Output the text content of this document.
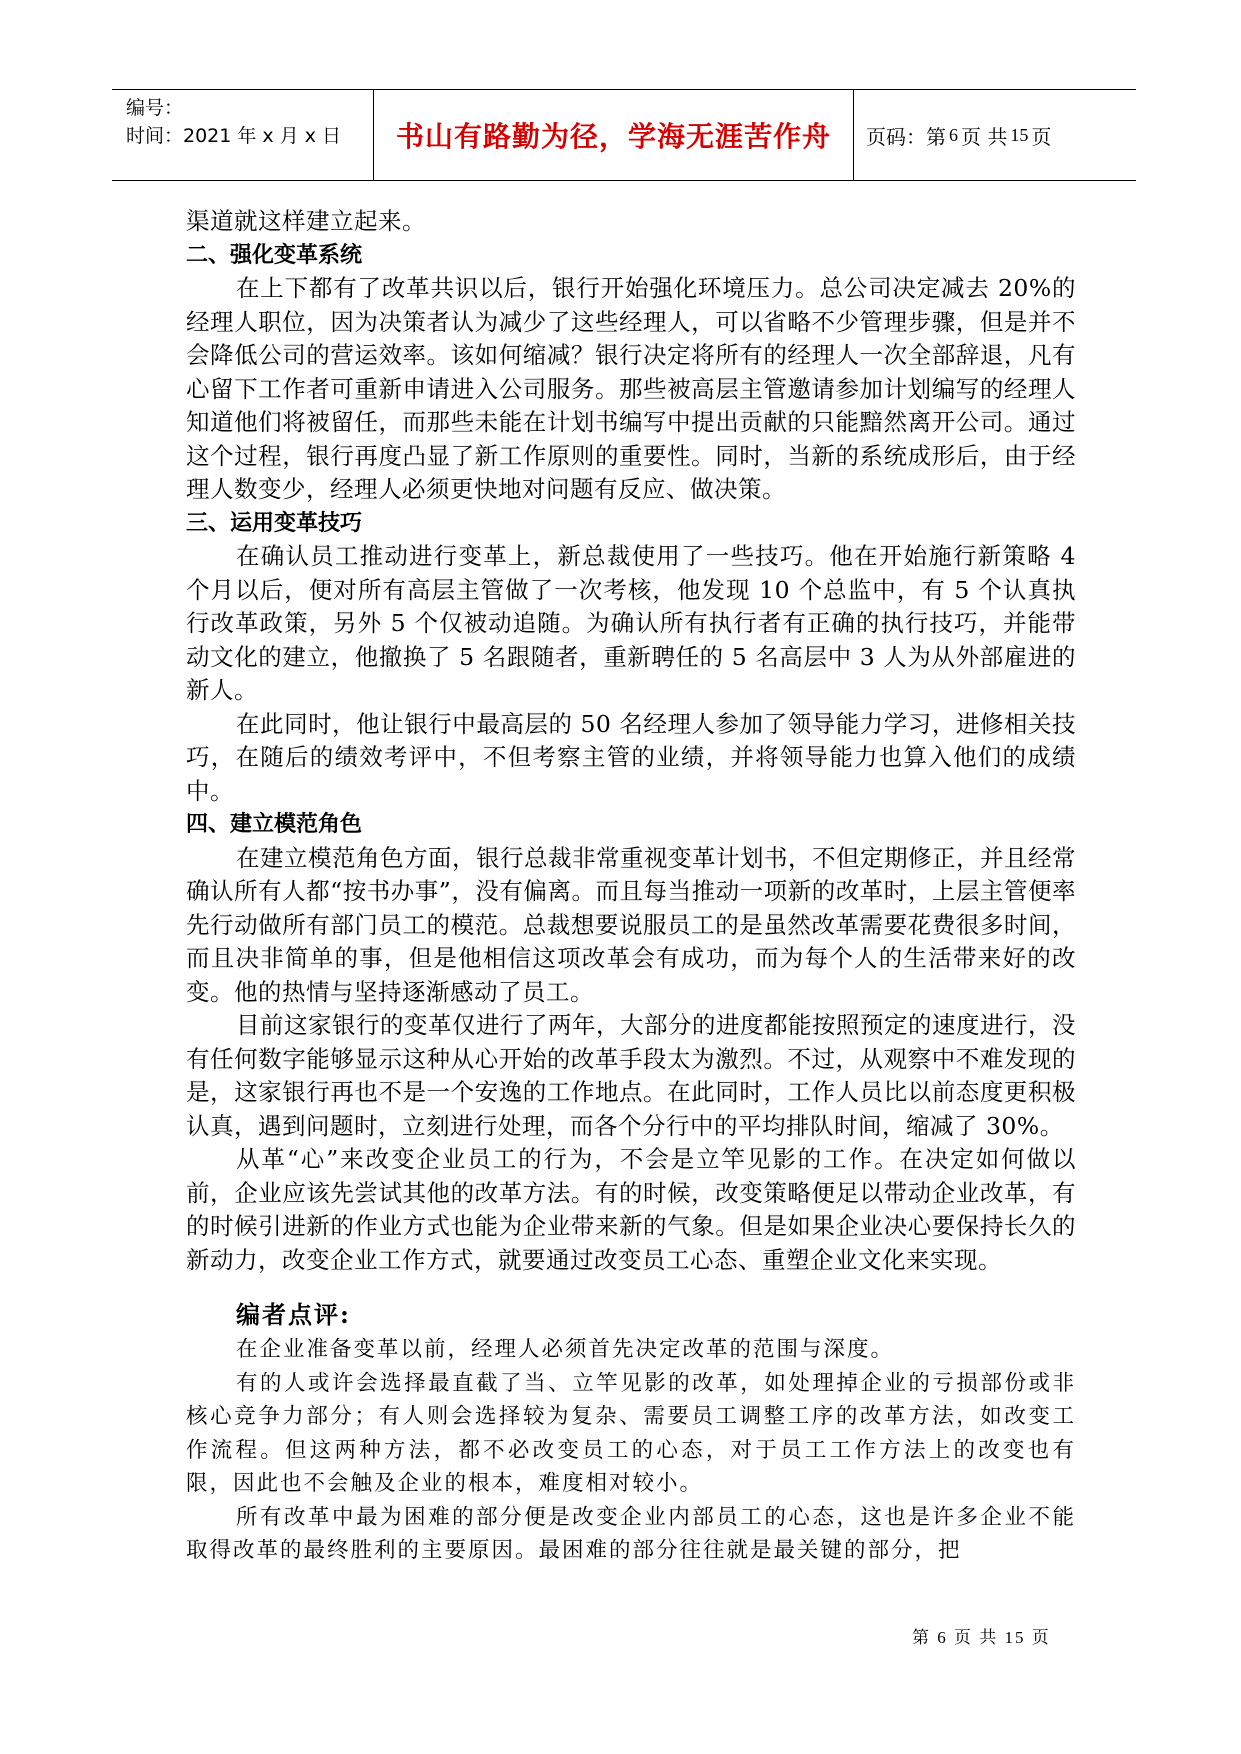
编号：
时间：2021 年 x 月 x 日	书山有路勤为径，学海无涯苦作舟	页码：第 6 页 共 15 页

渠道就这样建立起来。

二、强化变革系统

在上下都有了改革共识以后，银行开始强化环境压力。总公司决定减去 20%的经理人职位，因为决策者认为减少了这些经理人，可以省略不少管理步骤，但是并不会降低公司的营运效率。该如何缩减？银行决定将所有的经理人一次全部辞退，凡有心留下工作者可重新申请进入公司服务。那些被高层主管邀请参加计划编写的经理人知道他们将被留任，而那些未能在计划书编写中提出贡献的只能黯然离开公司。通过这个过程，银行再度凸显了新工作原则的重要性。同时，当新的系统成形后，由于经理人数变少，经理人必须更快地对问题有反应、做决策。

三、运用变革技巧

在确认员工推动进行变革上，新总裁使用了一些技巧。他在开始施行新策略 4 个月以后，便对所有高层主管做了一次考核，他发现 10 个总监中，有 5 个认真执行改革政策，另外 5 个仅被动追随。为确认所有执行者有正确的执行技巧，并能带动文化的建立，他撤换了 5 名跟随者，重新聘任的 5 名高层中 3 人为从外部雇进的新人。

在此同时，他让银行中最高层的 50 名经理人参加了领导能力学习，进修相关技巧，在随后的绩效考评中，不但考察主管的业绩，并将领导能力也算入他们的成绩中。

四、建立模范角色

在建立模范角色方面，银行总裁非常重视变革计划书，不但定期修正，并且经常确认所有人都“按书办事”，没有偏离。而且每当推动一项新的改革时，上层主管便率先行动做所有部门员工的模范。总裁想要说服员工的是虽然改革需要花费很多时间，而且决非简单的事，但是他相信这项改革会有成功，而为每个人的生活带来好的改变。他的热情与坚持逐渐感动了员工。

目前这家银行的变革仅进行了两年，大部分的进度都能按照预定的速度进行，没有任何数字能够显示这种从心开始的改革手段太为激烈。不过，从观察中不难发现的是，这家银行再也不是一个安逸的工作地点。在此同时，工作人员比以前态度更积极认真，遇到问题时，立刻进行处理，而各个分行中的平均排队时间，缩减了 30%。

从革“心”来改变企业员工的行为，不会是立竿见影的工作。在决定如何做以前，企业应该先尝试其他的改革方法。有的时候，改变策略便足以带动企业改革，有的时候引进新的作业方式也能为企业带来新的气象。但是如果企业决心要保持长久的新动力，改变企业工作方式，就要通过改变员工心态、重塑企业文化来实现。

编者点评:

在企业准备变革以前，经理人必须首先决定改革的范围与深度。

有的人或许会选择最直截了当、立竿见影的改革，如处理掉企业的亏损部份或非核心竞争力部分；有人则会选择较为复杂、需要员工调整工序的改革方法，如改变工作流程。但这两种方法，都不必改变员工的心态，对于员工工作方法上的改变也有限，因此也不会触及企业的根本，难度相对较小。

所有改革中最为困难的部分便是改变企业内部员工的心态，这也是许多企业不能取得改革的最终胜利的主要原因。最困难的部分往往就是最关键的部分，把

第 6 页 共 15 页
